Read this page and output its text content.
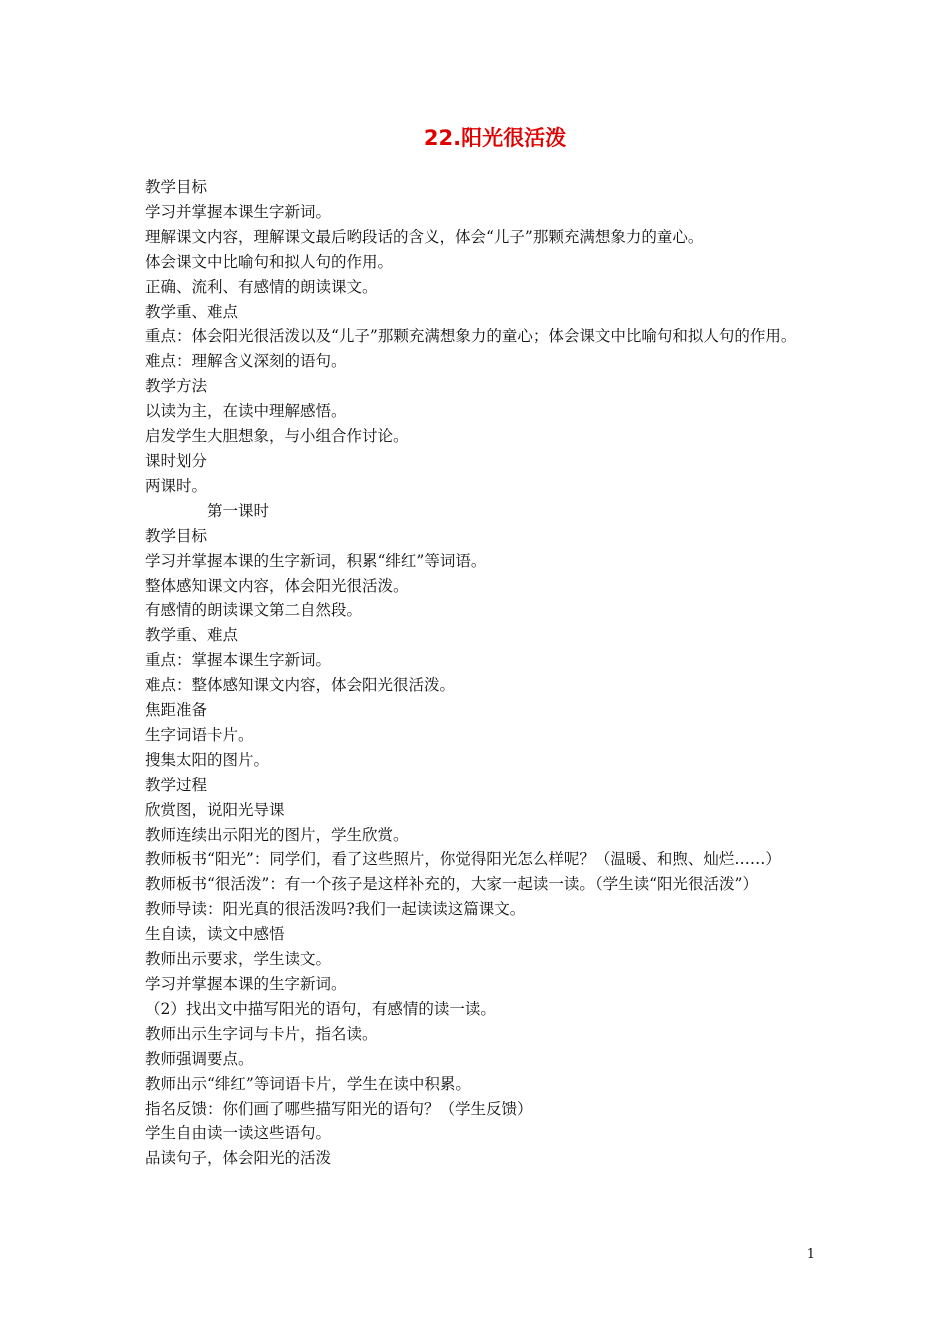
22.阳光很活泼

教学目标

学习并掌握本课生字新词。

理解课文内容，理解课文最后哟段话的含义，体会“儿子”那颗充满想象力的童心。

体会课文中比喻句和拟人句的作用。

正确、流利、有感情的朗读课文。

教学重、难点

重点：体会阳光很活泼以及“儿子”那颗充满想象力的童心；体会课文中比喻句和拟人句的作用。

难点：理解含义深刻的语句。

教学方法

以读为主，在读中理解感悟。

启发学生大胆想象，与小组合作讨论。

课时划分

两课时。

第一课时

教学目标

学习并掌握本课的生字新词，积累“绯红”等词语。

整体感知课文内容，体会阳光很活泼。

有感情的朗读课文第二自然段。

教学重、难点

重点：掌握本课生字新词。

难点：整体感知课文内容，体会阳光很活泼。

焦距准备

生字词语卡片。

搜集太阳的图片。

教学过程

欣赏图，说阳光导课

教师连续出示阳光的图片，学生欣赏。

教师板书“阳光”：同学们，看了这些照片，你觉得阳光怎么样呢？（温暖、和煦、灿烂……）

教师板书“很活泼”：有一个孩子是这样补充的，大家一起读一读。（学生读“阳光很活泼”）

教师导读：阳光真的很活泼吗?我们一起读读这篇课文。

生自读，读文中感悟

教师出示要求，学生读文。

学习并掌握本课的生字新词。

（2）找出文中描写阳光的语句，有感情的读一读。

教师出示生字词与卡片，指名读。

教师强调要点。

教师出示“绯红”等词语卡片，学生在读中积累。

指名反馈：你们画了哪些描写阳光的语句？（学生反馈）

学生自由读一读这些语句。

品读句子，体会阳光的活泼

1
